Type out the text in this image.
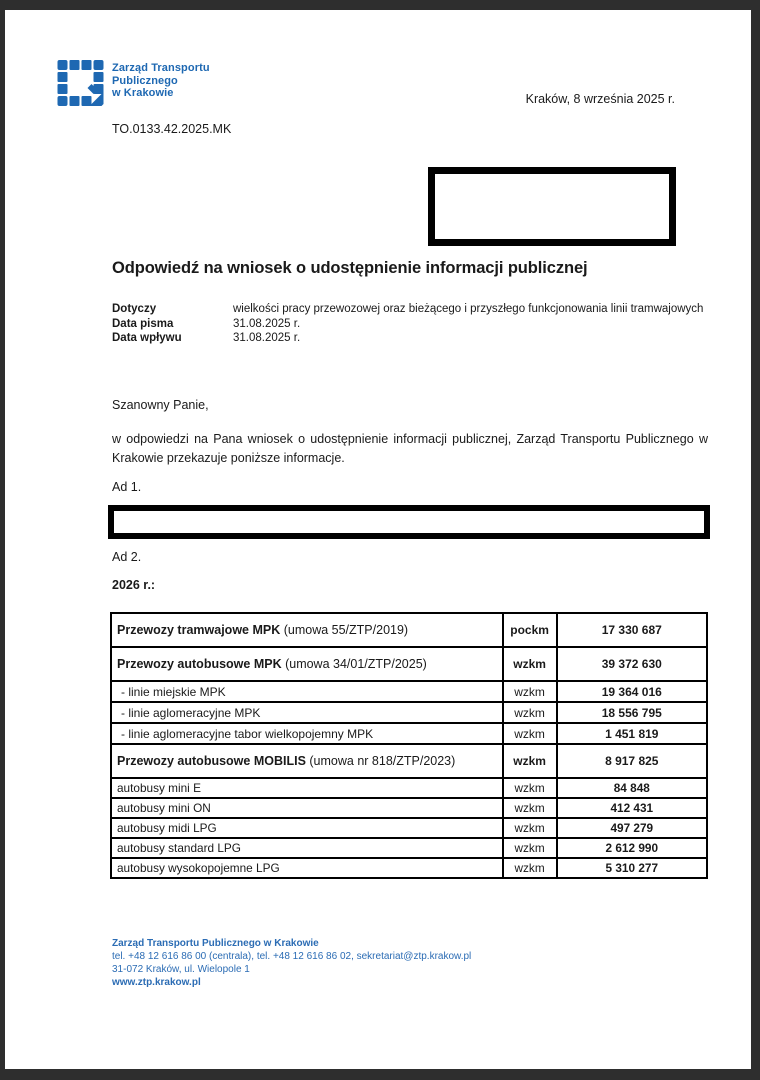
Zarząd Transportu
Publicznego
w Krakowie	Kraków, 8 września 2025 r.
TO.0133.42.2025.MK
Odpowiedź na wniosek o udostępnienie informacji publicznej
Dotyczy	wielkości pracy przewozowej oraz bieżącego i przyszłego funkcjonowania linii tramwajowych
Data pisma	31.08.2025 r.
Data wpływu	31.08.2025 r.
Szanowny Panie,
w odpowiedzi na Pana wniosek o udostępnienie informacji publicznej, Zarząd Transportu Publicznego w Krakowie przekazuje poniższe informacje.
Ad 1.
Ad 2.
2026 r.:
Przewozy tramwajowe MPK (umowa 55/ZTP/2019)	pockm	17 330 687
Przewozy autobusowe MPK (umowa 34/01/ZTP/2025)	wzkm	39 372 630
- linie miejskie MPK	wzkm	19 364 016
- linie aglomeracyjne MPK	wzkm	18 556 795
- linie aglomeracyjne tabor wielkopojemny MPK	wzkm	1 451 819
Przewozy autobusowe MOBILIS (umowa nr 818/ZTP/2023)	wzkm	8 917 825
autobusy mini E	wzkm	84 848
autobusy mini ON	wzkm	412 431
autobusy midi LPG	wzkm	497 279
autobusy standard LPG	wzkm	2 612 990
autobusy wysokopojemne LPG	wzkm	5 310 277
Zarząd Transportu Publicznego w Krakowie
tel. +48 12 616 86 00 (centrala), tel. +48 12 616 86 02, sekretariat@ztp.krakow.pl
31-072 Kraków, ul. Wielopole 1
www.ztp.krakow.pl
